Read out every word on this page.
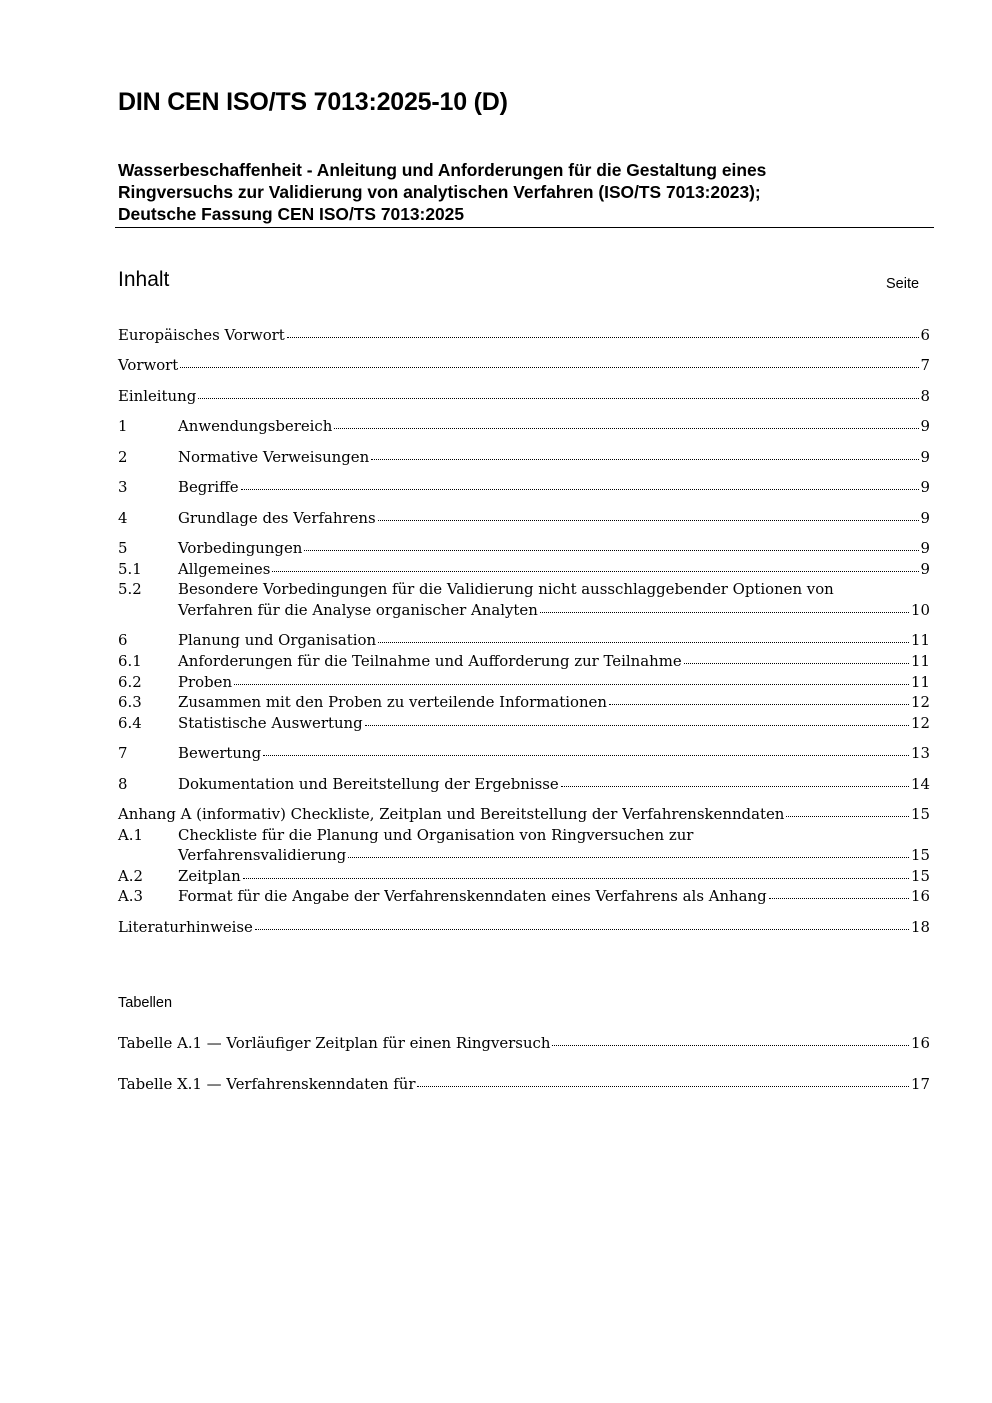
DIN CEN ISO/TS 7013:2025-10 (D)
Wasserbeschaffenheit - Anleitung und Anforderungen für die Gestaltung eines
Ringversuchs zur Validierung von analytischen Verfahren (ISO/TS 7013:2023);
Deutsche Fassung CEN ISO/TS 7013:2025
Inhalt	Seite
Europäisches Vorwort	6
Vorwort	7
Einleitung	8
1	Anwendungsbereich	9
2	Normative Verweisungen	9
3	Begriffe	9
4	Grundlage des Verfahrens	9
5	Vorbedingungen	9
5.1 Allgemeines	9
5.2 Besondere Vorbedingungen für die Validierung nicht ausschlaggebender Optionen von
Verfahren für die Analyse organischer Analyten	10
6	Planung und Organisation	11
6.1 Anforderungen für die Teilnahme und Aufforderung zur Teilnahme	11
6.2 Proben	11
6.3 Zusammen mit den Proben zu verteilende Informationen	12
6.4 Statistische Auswertung	12
7	Bewertung	13
8	Dokumentation und Bereitstellung der Ergebnisse	14
Anhang A (informativ) Checkliste, Zeitplan und Bereitstellung der Verfahrenskenndaten	15
A.1 Checkliste für die Planung und Organisation von Ringversuchen zur
Verfahrensvalidierung	15
A.2 Zeitplan	15
A.3 Format für die Angabe der Verfahrenskenndaten eines Verfahrens als Anhang	16
Literaturhinweise	18
Tabellen
Tabelle A.1 — Vorläufiger Zeitplan für einen Ringversuch	16
Tabelle X.1 — Verfahrenskenndaten für	17
